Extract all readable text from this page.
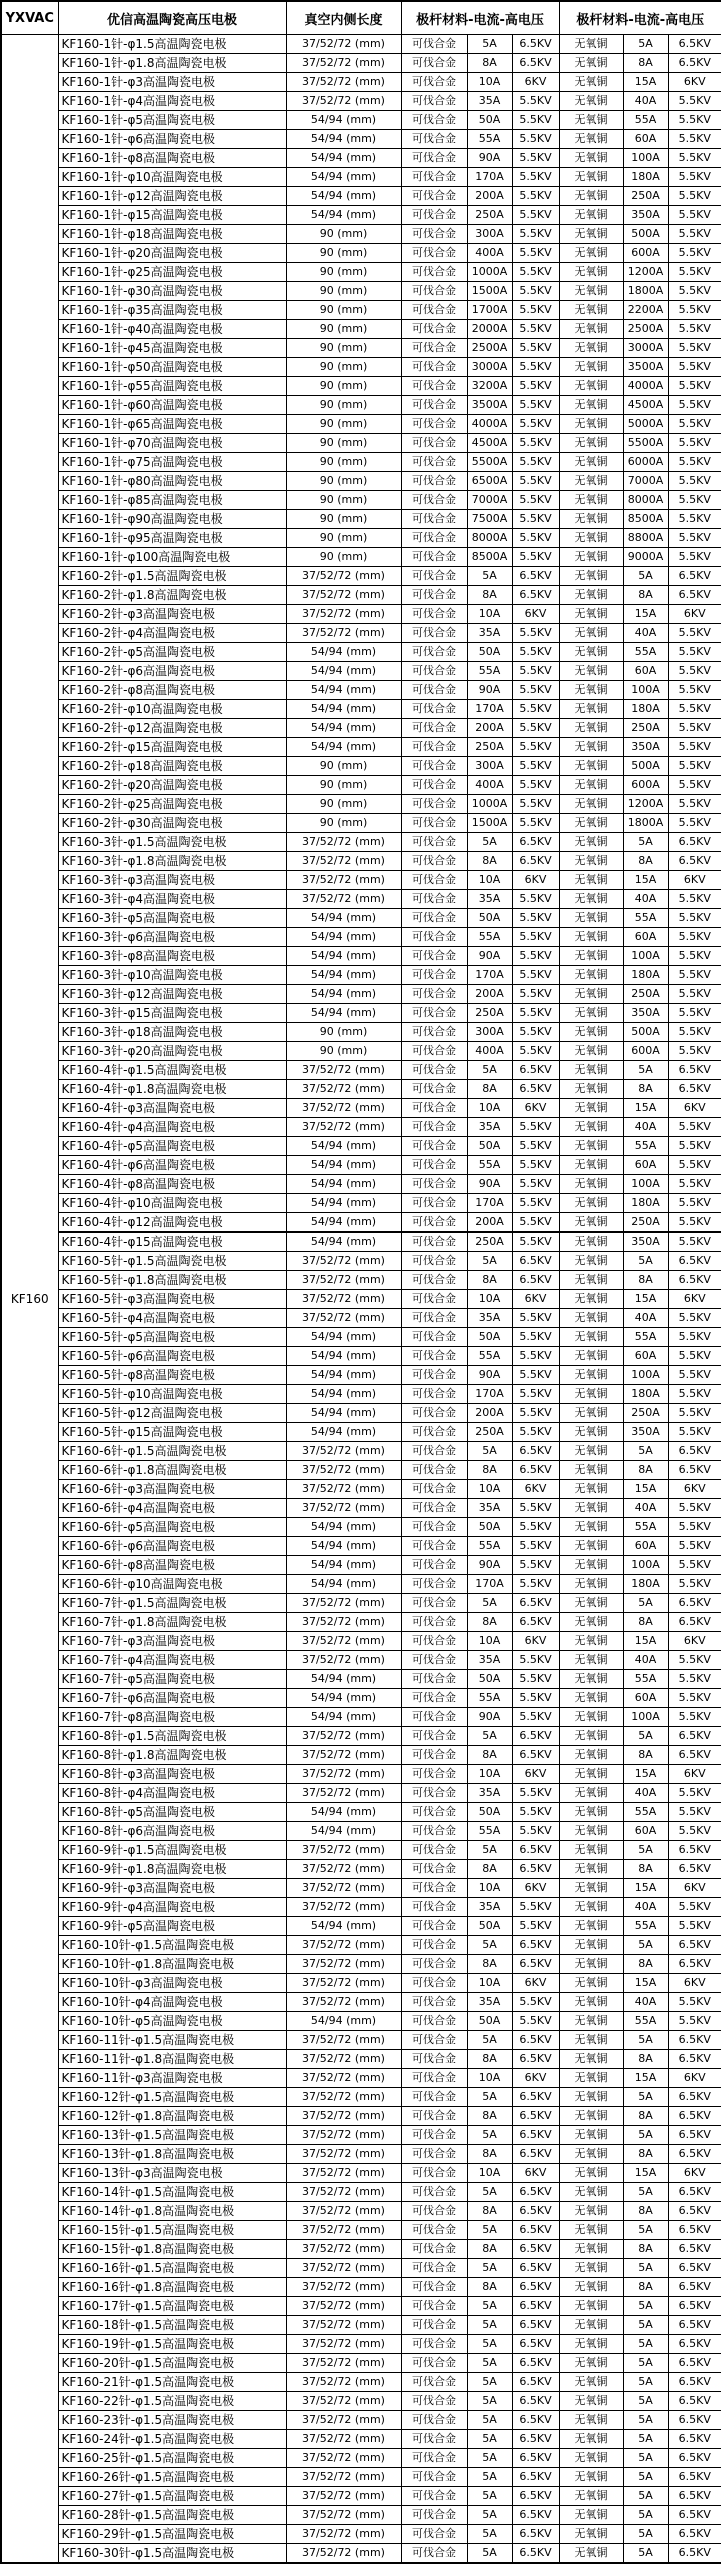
YXVAC	优信高温陶瓷高压电极	真空内侧长度	极杆材料-电流-高电压			极杆材料-电流-高电压		
KF160	KF160-1针-φ1.5高温陶瓷电极	37/52/72 (mm)	可伐合金	5A	6.5KV	无氧铜	5A	6.5KV
	KF160-1针-φ1.8高温陶瓷电极	37/52/72 (mm)	可伐合金	8A	6.5KV	无氧铜	8A	6.5KV
	KF160-1针-φ3高温陶瓷电极	37/52/72 (mm)	可伐合金	10A	6KV	无氧铜	15A	6KV
	KF160-1针-φ4高温陶瓷电极	37/52/72 (mm)	可伐合金	35A	5.5KV	无氧铜	40A	5.5KV
	KF160-1针-φ5高温陶瓷电极	54/94 (mm)	可伐合金	50A	5.5KV	无氧铜	55A	5.5KV
	KF160-1针-φ6高温陶瓷电极	54/94 (mm)	可伐合金	55A	5.5KV	无氧铜	60A	5.5KV
	KF160-1针-φ8高温陶瓷电极	54/94 (mm)	可伐合金	90A	5.5KV	无氧铜	100A	5.5KV
	KF160-1针-φ10高温陶瓷电极	54/94 (mm)	可伐合金	170A	5.5KV	无氧铜	180A	5.5KV
	KF160-1针-φ12高温陶瓷电极	54/94 (mm)	可伐合金	200A	5.5KV	无氧铜	250A	5.5KV
	KF160-1针-φ15高温陶瓷电极	54/94 (mm)	可伐合金	250A	5.5KV	无氧铜	350A	5.5KV
	KF160-1针-φ18高温陶瓷电极	90 (mm)	可伐合金	300A	5.5KV	无氧铜	500A	5.5KV
	KF160-1针-φ20高温陶瓷电极	90 (mm)	可伐合金	400A	5.5KV	无氧铜	600A	5.5KV
	KF160-1针-φ25高温陶瓷电极	90 (mm)	可伐合金	1000A	5.5KV	无氧铜	1200A	5.5KV
	KF160-1针-φ30高温陶瓷电极	90 (mm)	可伐合金	1500A	5.5KV	无氧铜	1800A	5.5KV
	KF160-1针-φ35高温陶瓷电极	90 (mm)	可伐合金	1700A	5.5KV	无氧铜	2200A	5.5KV
	KF160-1针-φ40高温陶瓷电极	90 (mm)	可伐合金	2000A	5.5KV	无氧铜	2500A	5.5KV
	KF160-1针-φ45高温陶瓷电极	90 (mm)	可伐合金	2500A	5.5KV	无氧铜	3000A	5.5KV
	KF160-1针-φ50高温陶瓷电极	90 (mm)	可伐合金	3000A	5.5KV	无氧铜	3500A	5.5KV
	KF160-1针-φ55高温陶瓷电极	90 (mm)	可伐合金	3200A	5.5KV	无氧铜	4000A	5.5KV
	KF160-1针-φ60高温陶瓷电极	90 (mm)	可伐合金	3500A	5.5KV	无氧铜	4500A	5.5KV
	KF160-1针-φ65高温陶瓷电极	90 (mm)	可伐合金	4000A	5.5KV	无氧铜	5000A	5.5KV
	KF160-1针-φ70高温陶瓷电极	90 (mm)	可伐合金	4500A	5.5KV	无氧铜	5500A	5.5KV
	KF160-1针-φ75高温陶瓷电极	90 (mm)	可伐合金	5500A	5.5KV	无氧铜	6000A	5.5KV
	KF160-1针-φ80高温陶瓷电极	90 (mm)	可伐合金	6500A	5.5KV	无氧铜	7000A	5.5KV
	KF160-1针-φ85高温陶瓷电极	90 (mm)	可伐合金	7000A	5.5KV	无氧铜	8000A	5.5KV
	KF160-1针-φ90高温陶瓷电极	90 (mm)	可伐合金	7500A	5.5KV	无氧铜	8500A	5.5KV
	KF160-1针-φ95高温陶瓷电极	90 (mm)	可伐合金	8000A	5.5KV	无氧铜	8800A	5.5KV
	KF160-1针-φ100高温陶瓷电极	90 (mm)	可伐合金	8500A	5.5KV	无氧铜	9000A	5.5KV
	KF160-2针-φ1.5高温陶瓷电极	37/52/72 (mm)	可伐合金	5A	6.5KV	无氧铜	5A	6.5KV
	KF160-2针-φ1.8高温陶瓷电极	37/52/72 (mm)	可伐合金	8A	6.5KV	无氧铜	8A	6.5KV
	KF160-2针-φ3高温陶瓷电极	37/52/72 (mm)	可伐合金	10A	6KV	无氧铜	15A	6KV
	KF160-2针-φ4高温陶瓷电极	37/52/72 (mm)	可伐合金	35A	5.5KV	无氧铜	40A	5.5KV
	KF160-2针-φ5高温陶瓷电极	54/94 (mm)	可伐合金	50A	5.5KV	无氧铜	55A	5.5KV
	KF160-2针-φ6高温陶瓷电极	54/94 (mm)	可伐合金	55A	5.5KV	无氧铜	60A	5.5KV
	KF160-2针-φ8高温陶瓷电极	54/94 (mm)	可伐合金	90A	5.5KV	无氧铜	100A	5.5KV
	KF160-2针-φ10高温陶瓷电极	54/94 (mm)	可伐合金	170A	5.5KV	无氧铜	180A	5.5KV
	KF160-2针-φ12高温陶瓷电极	54/94 (mm)	可伐合金	200A	5.5KV	无氧铜	250A	5.5KV
	KF160-2针-φ15高温陶瓷电极	54/94 (mm)	可伐合金	250A	5.5KV	无氧铜	350A	5.5KV
	KF160-2针-φ18高温陶瓷电极	90 (mm)	可伐合金	300A	5.5KV	无氧铜	500A	5.5KV
	KF160-2针-φ20高温陶瓷电极	90 (mm)	可伐合金	400A	5.5KV	无氧铜	600A	5.5KV
	KF160-2针-φ25高温陶瓷电极	90 (mm)	可伐合金	1000A	5.5KV	无氧铜	1200A	5.5KV
	KF160-2针-φ30高温陶瓷电极	90 (mm)	可伐合金	1500A	5.5KV	无氧铜	1800A	5.5KV
	KF160-3针-φ1.5高温陶瓷电极	37/52/72 (mm)	可伐合金	5A	6.5KV	无氧铜	5A	6.5KV
	KF160-3针-φ1.8高温陶瓷电极	37/52/72 (mm)	可伐合金	8A	6.5KV	无氧铜	8A	6.5KV
	KF160-3针-φ3高温陶瓷电极	37/52/72 (mm)	可伐合金	10A	6KV	无氧铜	15A	6KV
	KF160-3针-φ4高温陶瓷电极	37/52/72 (mm)	可伐合金	35A	5.5KV	无氧铜	40A	5.5KV
	KF160-3针-φ5高温陶瓷电极	54/94 (mm)	可伐合金	50A	5.5KV	无氧铜	55A	5.5KV
	KF160-3针-φ6高温陶瓷电极	54/94 (mm)	可伐合金	55A	5.5KV	无氧铜	60A	5.5KV
	KF160-3针-φ8高温陶瓷电极	54/94 (mm)	可伐合金	90A	5.5KV	无氧铜	100A	5.5KV
	KF160-3针-φ10高温陶瓷电极	54/94 (mm)	可伐合金	170A	5.5KV	无氧铜	180A	5.5KV
	KF160-3针-φ12高温陶瓷电极	54/94 (mm)	可伐合金	200A	5.5KV	无氧铜	250A	5.5KV
	KF160-3针-φ15高温陶瓷电极	54/94 (mm)	可伐合金	250A	5.5KV	无氧铜	350A	5.5KV
	KF160-3针-φ18高温陶瓷电极	90 (mm)	可伐合金	300A	5.5KV	无氧铜	500A	5.5KV
	KF160-3针-φ20高温陶瓷电极	90 (mm)	可伐合金	400A	5.5KV	无氧铜	600A	5.5KV
	KF160-4针-φ1.5高温陶瓷电极	37/52/72 (mm)	可伐合金	5A	6.5KV	无氧铜	5A	6.5KV
	KF160-4针-φ1.8高温陶瓷电极	37/52/72 (mm)	可伐合金	8A	6.5KV	无氧铜	8A	6.5KV
	KF160-4针-φ3高温陶瓷电极	37/52/72 (mm)	可伐合金	10A	6KV	无氧铜	15A	6KV
	KF160-4针-φ4高温陶瓷电极	37/52/72 (mm)	可伐合金	35A	5.5KV	无氧铜	40A	5.5KV
	KF160-4针-φ5高温陶瓷电极	54/94 (mm)	可伐合金	50A	5.5KV	无氧铜	55A	5.5KV
	KF160-4针-φ6高温陶瓷电极	54/94 (mm)	可伐合金	55A	5.5KV	无氧铜	60A	5.5KV
	KF160-4针-φ8高温陶瓷电极	54/94 (mm)	可伐合金	90A	5.5KV	无氧铜	100A	5.5KV
	KF160-4针-φ10高温陶瓷电极	54/94 (mm)	可伐合金	170A	5.5KV	无氧铜	180A	5.5KV
	KF160-4针-φ12高温陶瓷电极	54/94 (mm)	可伐合金	200A	5.5KV	无氧铜	250A	5.5KV
	KF160-4针-φ15高温陶瓷电极	54/94 (mm)	可伐合金	250A	5.5KV	无氧铜	350A	5.5KV
	KF160-5针-φ1.5高温陶瓷电极	37/52/72 (mm)	可伐合金	5A	6.5KV	无氧铜	5A	6.5KV
	KF160-5针-φ1.8高温陶瓷电极	37/52/72 (mm)	可伐合金	8A	6.5KV	无氧铜	8A	6.5KV
	KF160-5针-φ3高温陶瓷电极	37/52/72 (mm)	可伐合金	10A	6KV	无氧铜	15A	6KV
	KF160-5针-φ4高温陶瓷电极	37/52/72 (mm)	可伐合金	35A	5.5KV	无氧铜	40A	5.5KV
	KF160-5针-φ5高温陶瓷电极	54/94 (mm)	可伐合金	50A	5.5KV	无氧铜	55A	5.5KV
	KF160-5针-φ6高温陶瓷电极	54/94 (mm)	可伐合金	55A	5.5KV	无氧铜	60A	5.5KV
	KF160-5针-φ8高温陶瓷电极	54/94 (mm)	可伐合金	90A	5.5KV	无氧铜	100A	5.5KV
	KF160-5针-φ10高温陶瓷电极	54/94 (mm)	可伐合金	170A	5.5KV	无氧铜	180A	5.5KV
	KF160-5针-φ12高温陶瓷电极	54/94 (mm)	可伐合金	200A	5.5KV	无氧铜	250A	5.5KV
	KF160-5针-φ15高温陶瓷电极	54/94 (mm)	可伐合金	250A	5.5KV	无氧铜	350A	5.5KV
	KF160-6针-φ1.5高温陶瓷电极	37/52/72 (mm)	可伐合金	5A	6.5KV	无氧铜	5A	6.5KV
	KF160-6针-φ1.8高温陶瓷电极	37/52/72 (mm)	可伐合金	8A	6.5KV	无氧铜	8A	6.5KV
	KF160-6针-φ3高温陶瓷电极	37/52/72 (mm)	可伐合金	10A	6KV	无氧铜	15A	6KV
	KF160-6针-φ4高温陶瓷电极	37/52/72 (mm)	可伐合金	35A	5.5KV	无氧铜	40A	5.5KV
	KF160-6针-φ5高温陶瓷电极	54/94 (mm)	可伐合金	50A	5.5KV	无氧铜	55A	5.5KV
	KF160-6针-φ6高温陶瓷电极	54/94 (mm)	可伐合金	55A	5.5KV	无氧铜	60A	5.5KV
	KF160-6针-φ8高温陶瓷电极	54/94 (mm)	可伐合金	90A	5.5KV	无氧铜	100A	5.5KV
	KF160-6针-φ10高温陶瓷电极	54/94 (mm)	可伐合金	170A	5.5KV	无氧铜	180A	5.5KV
	KF160-7针-φ1.5高温陶瓷电极	37/52/72 (mm)	可伐合金	5A	6.5KV	无氧铜	5A	6.5KV
	KF160-7针-φ1.8高温陶瓷电极	37/52/72 (mm)	可伐合金	8A	6.5KV	无氧铜	8A	6.5KV
	KF160-7针-φ3高温陶瓷电极	37/52/72 (mm)	可伐合金	10A	6KV	无氧铜	15A	6KV
	KF160-7针-φ4高温陶瓷电极	37/52/72 (mm)	可伐合金	35A	5.5KV	无氧铜	40A	5.5KV
	KF160-7针-φ5高温陶瓷电极	54/94 (mm)	可伐合金	50A	5.5KV	无氧铜	55A	5.5KV
	KF160-7针-φ6高温陶瓷电极	54/94 (mm)	可伐合金	55A	5.5KV	无氧铜	60A	5.5KV
	KF160-7针-φ8高温陶瓷电极	54/94 (mm)	可伐合金	90A	5.5KV	无氧铜	100A	5.5KV
	KF160-8针-φ1.5高温陶瓷电极	37/52/72 (mm)	可伐合金	5A	6.5KV	无氧铜	5A	6.5KV
	KF160-8针-φ1.8高温陶瓷电极	37/52/72 (mm)	可伐合金	8A	6.5KV	无氧铜	8A	6.5KV
	KF160-8针-φ3高温陶瓷电极	37/52/72 (mm)	可伐合金	10A	6KV	无氧铜	15A	6KV
	KF160-8针-φ4高温陶瓷电极	37/52/72 (mm)	可伐合金	35A	5.5KV	无氧铜	40A	5.5KV
	KF160-8针-φ5高温陶瓷电极	54/94 (mm)	可伐合金	50A	5.5KV	无氧铜	55A	5.5KV
	KF160-8针-φ6高温陶瓷电极	54/94 (mm)	可伐合金	55A	5.5KV	无氧铜	60A	5.5KV
	KF160-9针-φ1.5高温陶瓷电极	37/52/72 (mm)	可伐合金	5A	6.5KV	无氧铜	5A	6.5KV
	KF160-9针-φ1.8高温陶瓷电极	37/52/72 (mm)	可伐合金	8A	6.5KV	无氧铜	8A	6.5KV
	KF160-9针-φ3高温陶瓷电极	37/52/72 (mm)	可伐合金	10A	6KV	无氧铜	15A	6KV
	KF160-9针-φ4高温陶瓷电极	37/52/72 (mm)	可伐合金	35A	5.5KV	无氧铜	40A	5.5KV
	KF160-9针-φ5高温陶瓷电极	54/94 (mm)	可伐合金	50A	5.5KV	无氧铜	55A	5.5KV
	KF160-10针-φ1.5高温陶瓷电极	37/52/72 (mm)	可伐合金	5A	6.5KV	无氧铜	5A	6.5KV
	KF160-10针-φ1.8高温陶瓷电极	37/52/72 (mm)	可伐合金	8A	6.5KV	无氧铜	8A	6.5KV
	KF160-10针-φ3高温陶瓷电极	37/52/72 (mm)	可伐合金	10A	6KV	无氧铜	15A	6KV
	KF160-10针-φ4高温陶瓷电极	37/52/72 (mm)	可伐合金	35A	5.5KV	无氧铜	40A	5.5KV
	KF160-10针-φ5高温陶瓷电极	54/94 (mm)	可伐合金	50A	5.5KV	无氧铜	55A	5.5KV
	KF160-11针-φ1.5高温陶瓷电极	37/52/72 (mm)	可伐合金	5A	6.5KV	无氧铜	5A	6.5KV
	KF160-11针-φ1.8高温陶瓷电极	37/52/72 (mm)	可伐合金	8A	6.5KV	无氧铜	8A	6.5KV
	KF160-11针-φ3高温陶瓷电极	37/52/72 (mm)	可伐合金	10A	6KV	无氧铜	15A	6KV
	KF160-12针-φ1.5高温陶瓷电极	37/52/72 (mm)	可伐合金	5A	6.5KV	无氧铜	5A	6.5KV
	KF160-12针-φ1.8高温陶瓷电极	37/52/72 (mm)	可伐合金	8A	6.5KV	无氧铜	8A	6.5KV
	KF160-13针-φ1.5高温陶瓷电极	37/52/72 (mm)	可伐合金	5A	6.5KV	无氧铜	5A	6.5KV
	KF160-13针-φ1.8高温陶瓷电极	37/52/72 (mm)	可伐合金	8A	6.5KV	无氧铜	8A	6.5KV
	KF160-13针-φ3高温陶瓷电极	37/52/72 (mm)	可伐合金	10A	6KV	无氧铜	15A	6KV
	KF160-14针-φ1.5高温陶瓷电极	37/52/72 (mm)	可伐合金	5A	6.5KV	无氧铜	5A	6.5KV
	KF160-14针-φ1.8高温陶瓷电极	37/52/72 (mm)	可伐合金	8A	6.5KV	无氧铜	8A	6.5KV
	KF160-15针-φ1.5高温陶瓷电极	37/52/72 (mm)	可伐合金	5A	6.5KV	无氧铜	5A	6.5KV
	KF160-15针-φ1.8高温陶瓷电极	37/52/72 (mm)	可伐合金	8A	6.5KV	无氧铜	8A	6.5KV
	KF160-16针-φ1.5高温陶瓷电极	37/52/72 (mm)	可伐合金	5A	6.5KV	无氧铜	5A	6.5KV
	KF160-16针-φ1.8高温陶瓷电极	37/52/72 (mm)	可伐合金	8A	6.5KV	无氧铜	8A	6.5KV
	KF160-17针-φ1.5高温陶瓷电极	37/52/72 (mm)	可伐合金	5A	6.5KV	无氧铜	5A	6.5KV
	KF160-18针-φ1.5高温陶瓷电极	37/52/72 (mm)	可伐合金	5A	6.5KV	无氧铜	5A	6.5KV
	KF160-19针-φ1.5高温陶瓷电极	37/52/72 (mm)	可伐合金	5A	6.5KV	无氧铜	5A	6.5KV
	KF160-20针-φ1.5高温陶瓷电极	37/52/72 (mm)	可伐合金	5A	6.5KV	无氧铜	5A	6.5KV
	KF160-21针-φ1.5高温陶瓷电极	37/52/72 (mm)	可伐合金	5A	6.5KV	无氧铜	5A	6.5KV
	KF160-22针-φ1.5高温陶瓷电极	37/52/72 (mm)	可伐合金	5A	6.5KV	无氧铜	5A	6.5KV
	KF160-23针-φ1.5高温陶瓷电极	37/52/72 (mm)	可伐合金	5A	6.5KV	无氧铜	5A	6.5KV
	KF160-24针-φ1.5高温陶瓷电极	37/52/72 (mm)	可伐合金	5A	6.5KV	无氧铜	5A	6.5KV
	KF160-25针-φ1.5高温陶瓷电极	37/52/72 (mm)	可伐合金	5A	6.5KV	无氧铜	5A	6.5KV
	KF160-26针-φ1.5高温陶瓷电极	37/52/72 (mm)	可伐合金	5A	6.5KV	无氧铜	5A	6.5KV
	KF160-27针-φ1.5高温陶瓷电极	37/52/72 (mm)	可伐合金	5A	6.5KV	无氧铜	5A	6.5KV
	KF160-28针-φ1.5高温陶瓷电极	37/52/72 (mm)	可伐合金	5A	6.5KV	无氧铜	5A	6.5KV
	KF160-29针-φ1.5高温陶瓷电极	37/52/72 (mm)	可伐合金	5A	6.5KV	无氧铜	5A	6.5KV
	KF160-30针-φ1.5高温陶瓷电极	37/52/72 (mm)	可伐合金	5A	6.5KV	无氧铜	5A	6.5KV
